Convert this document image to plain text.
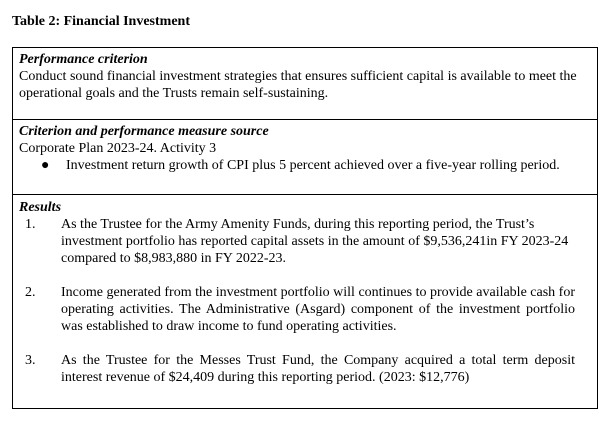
Table 2: Financial Investment
Performance criterion
Conduct sound financial investment strategies that ensures sufficient capital is available to meet the operational goals and the Trusts remain self-sustaining.
Criterion and performance measure source
Corporate Plan 2023-24. Activity 3
● Investment return growth of CPI plus 5 percent achieved over a five-year rolling period.
Results
1. As the Trustee for the Army Amenity Funds, during this reporting period, the Trust’s investment portfolio has reported capital assets in the amount of $9,536,241in FY 2023-24 compared to $8,983,880 in FY 2022-23.
2. Income generated from the investment portfolio will continues to provide available cash for operating activities. The Administrative (Asgard) component of the investment portfolio was established to draw income to fund operating activities.
3. As the Trustee for the Messes Trust Fund, the Company acquired a total term deposit interest revenue of $24,409 during this reporting period. (2023: $12,776)
